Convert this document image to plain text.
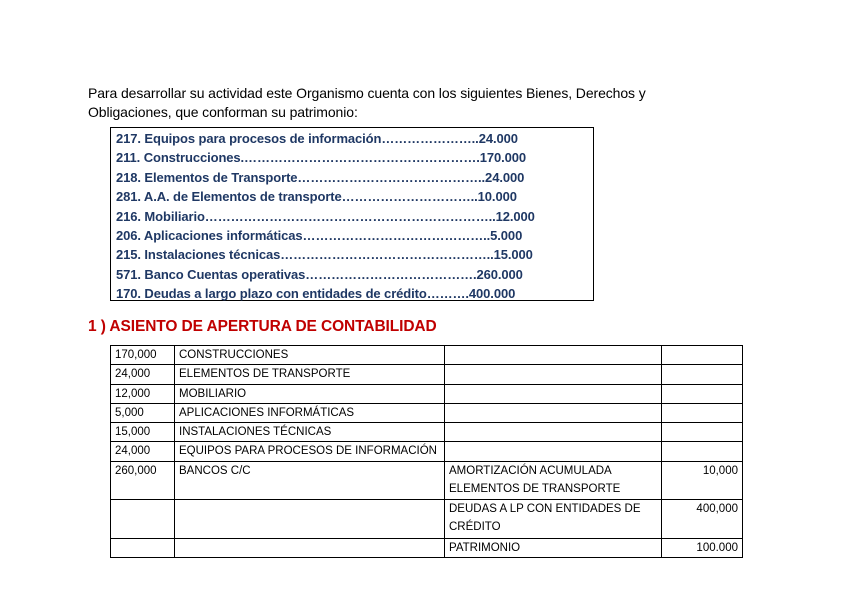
Para desarrollar su actividad este Organismo cuenta con los siguientes Bienes, Derechos y
Obligaciones, que conforman su patrimonio:
217. Equipos para procesos de información…………………..24.000
211. Construcciones.……………………………………………….170.000
218. Elementos de Transporte……………………………………..24.000
281. A.A. de Elementos de transporte…………………………..10.000
216. Mobiliario…………………………………………………………..12.000
206. Aplicaciones informáticas……………………………………..5.000
215. Instalaciones técnicas…………………………………………..15.000
571. Banco Cuentas operativas………………………………….260.000
170. Deudas a largo plazo con entidades de crédito……….400.000
1 ) ASIENTO DE APERTURA DE CONTABILIDAD
170,000	CONSTRUCCIONES		
24,000	ELEMENTOS DE TRANSPORTE		
12,000	MOBILIARIO		
5,000	APLICACIONES INFORMÁTICAS		
15,000	INSTALACIONES TÉCNICAS		
24,000	EQUIPOS PARA PROCESOS DE INFORMACIÓN		
260,000	BANCOS C/C	AMORTIZACIÓN ACUMULADA ELEMENTOS DE TRANSPORTE	10,000
		DEUDAS A LP CON ENTIDADES DE CRÉDITO	400,000
		PATRIMONIO	100.000
